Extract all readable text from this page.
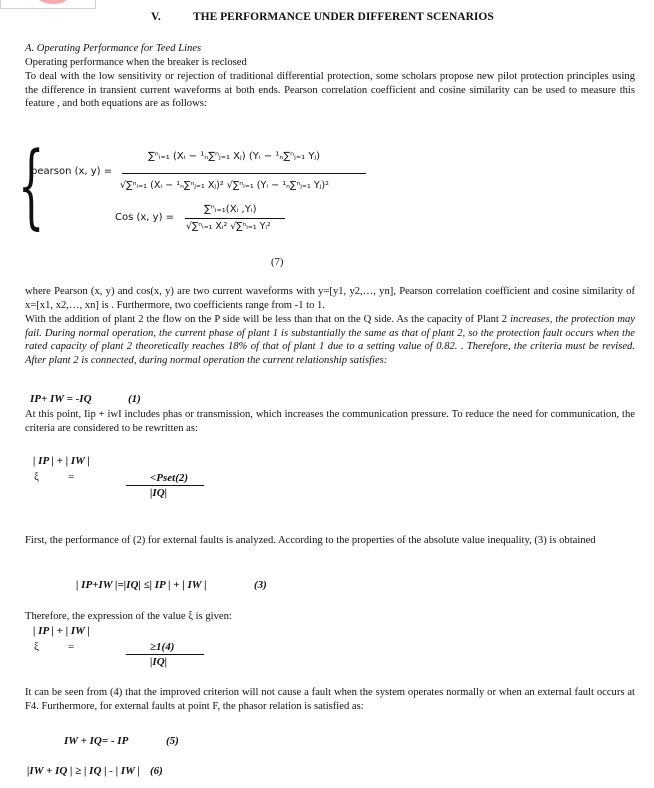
V.	THE PERFORMANCE UNDER DIFFERENT SCENARIOS
A. Operating Performance for Teed Lines
Operating performance when the breaker is reclosed
To deal with the low sensitivity or rejection of traditional differential protection, some scholars propose new pilot protection principles using the difference in transient current waveforms at both ends. Pearson correlation coefficient and cosine similarity can be used to measure this feature , and both equations are as follows:
{
pearson (x, y) =
∑ⁿᵢ₌₁ (Xᵢ − ¹ₙ∑ⁿⱼ₌₁ Xⱼ) (Yᵢ − ¹ₙ∑ⁿⱼ₌₁ Yⱼ)
√∑ⁿᵢ₌₁ (Xᵢ − ¹ₙ∑ⁿⱼ₌₁ Xⱼ)² √∑ⁿᵢ₌₁ (Yᵢ − ¹ₙ∑ⁿⱼ₌₁ Yⱼ)²
Cos (x, y) =
∑ⁿᵢ₌₁(Xᵢ ,Yᵢ)
√∑ⁿᵢ₌₁ Xᵢ² √∑ⁿᵢ₌₁ Yᵢ²
(7)
where Pearson (x, y) and cos(x, y) are two current waveforms with y=[y1, y2,…, yn], Pearson correlation coefficient and cosine similarity of x=[x1, x2,…, xn] is . Furthermore, two coefficients range from -1 to 1.
With the addition of plant 2 the flow on the P side will be less than that on the Q side. As the capacity of Plant 2 increases, the protection may fail. During normal operation, the current phase of plant 1 is substantially the same as that of plant 2, so the protection fault occurs when the rated capacity of plant 2 theoretically reaches 18% of that of plant 1 due to a setting value of 0.82. . Therefore, the criteria must be revised. After plant 2 is connected, during normal operation the current relationship satisfies:
IP+ IW = -IQ	(1)
At this point, Iip + iwI includes phas or transmission, which increases the communication pressure. To reduce the need for communication, the criteria are considered to be rewritten as:
| IP | + | IW |
ξ	=	<Pset(2)
|IQ|
First, the performance of (2) for external faults is analyzed. According to the properties of the absolute value inequality, (3) is obtained
| IP+IW |=|IQ| ≤| IP | + | IW |	(3)
Therefore, the expression of the value ξ is given:
| IP | + | IW |
ξ	=	≥1(4)
|IQ|
It can be seen from (4) that the improved criterion will not cause a fault when the system operates normally or when an external fault occurs at F4. Furthermore, for external faults at point F, the phasor relation is satisfied as:
IW + IQ= - IP	(5)
|IW + IQ | ≥ | IQ | - | IW | (6)
